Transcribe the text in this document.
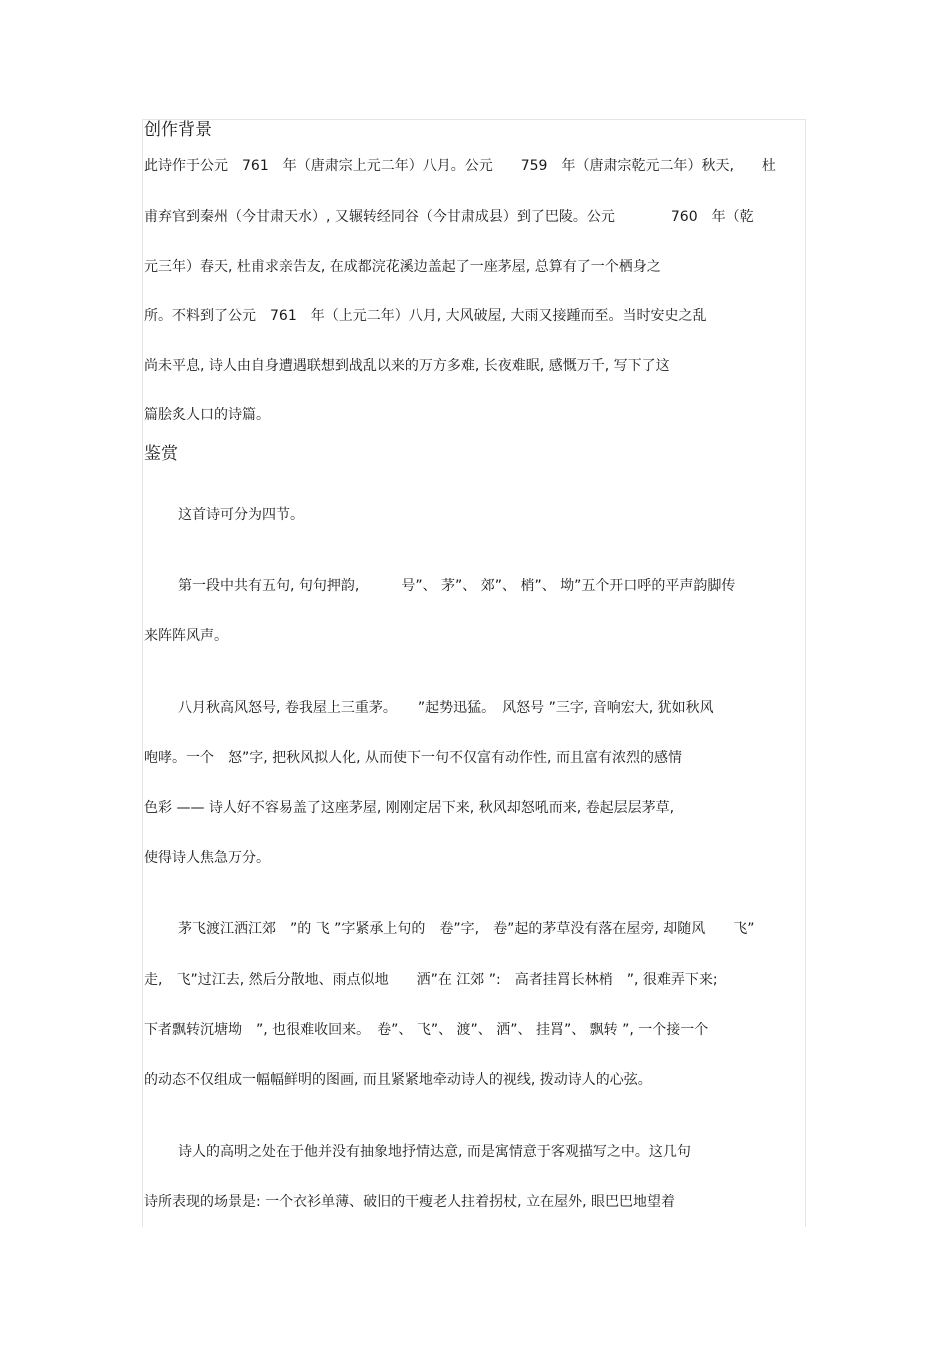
创作背景
此诗作于公元　761　年（唐肃宗上元二年）八月。公元　　759　年（唐肃宗乾元二年）秋天,　　杜
甫弃官到秦州（今甘肃天水）, 又辗转经同谷（今甘肃成县）到了巴陵。公元　　　　760　年（乾
元三年）春天, 杜甫求亲告友, 在成都浣花溪边盖起了一座茅屋, 总算有了一个栖身之
所。不料到了公元　761　年（上元二年）八月, 大风破屋, 大雨又接踵而至。当时安史之乱
尚未平息, 诗人由自身遭遇联想到战乱以来的万方多难, 长夜难眠, 感慨万千, 写下了这
篇脍炙人口的诗篇。
鉴赏
这首诗可分为四节。
第一段中共有五句, 句句押韵,　　　号”、 茅”、 郊”、 梢”、 坳”五个开口呼的平声韵脚传
来阵阵风声。
八月秋高风怒号, 卷我屋上三重茅。　　”起势迅猛。　风怒号 ”三字, 音响宏大, 犹如秋风
咆哮。一个　怒”字, 把秋风拟人化, 从而使下一句不仅富有动作性, 而且富有浓烈的感情
色彩 —— 诗人好不容易盖了这座茅屋, 刚刚定居下来, 秋风却怒吼而来, 卷起层层茅草,
使得诗人焦急万分。
茅飞渡江洒江郊　”的 飞 ”字紧承上句的　卷”字,　卷”起的茅草没有落在屋旁, 却随风　　飞”
走,　飞”过江去, 然后分散地、雨点似地　　洒”在 江郊 ”:　高者挂罥长林梢　”, 很难弄下来;
下者飘转沉塘坳　”, 也很难收回来。　卷”、 飞”、 渡”、 洒”、 挂罥”、 飘转 ”, 一个接一个
的动态不仅组成一幅幅鲜明的图画, 而且紧紧地牵动诗人的视线, 拨动诗人的心弦。
诗人的高明之处在于他并没有抽象地抒情达意, 而是寓情意于客观描写之中。这几句
诗所表现的场景是: 一个衣衫单薄、破旧的干瘦老人拄着拐杖, 立在屋外, 眼巴巴地望着
